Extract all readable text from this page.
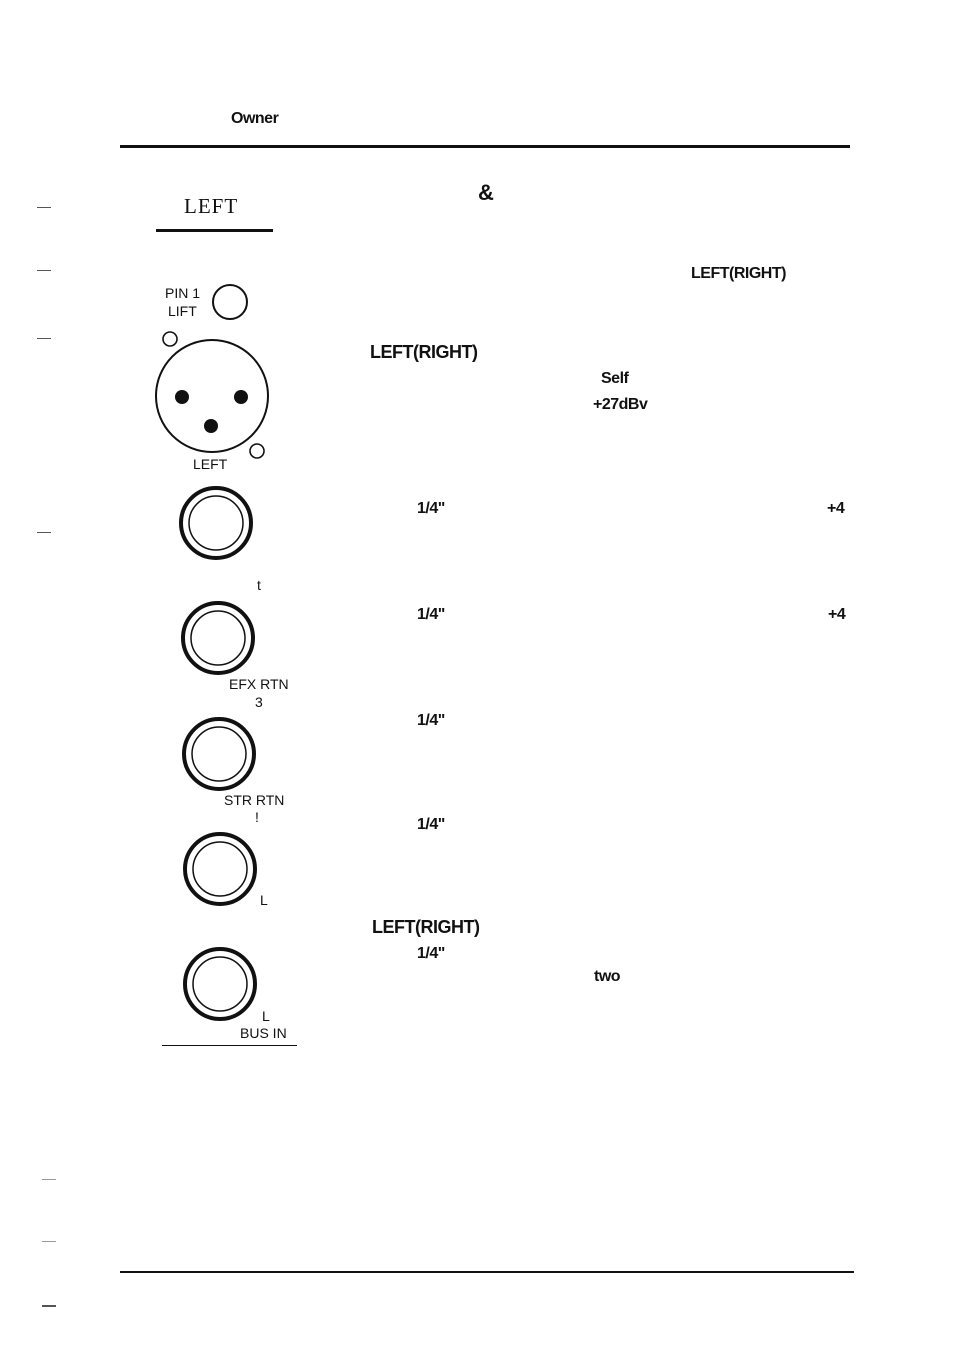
Owner
&
LEFT
LEFT(RIGHT)
LEFT(RIGHT)
Self
+27dBv
1/4"	+4
1/4"	+4
1/4"
1/4"
LEFT(RIGHT)
1/4"
two
PIN 1
LIFT
LEFT
t
EFX RTN
3
STR RTN
!
L
L
BUS IN
